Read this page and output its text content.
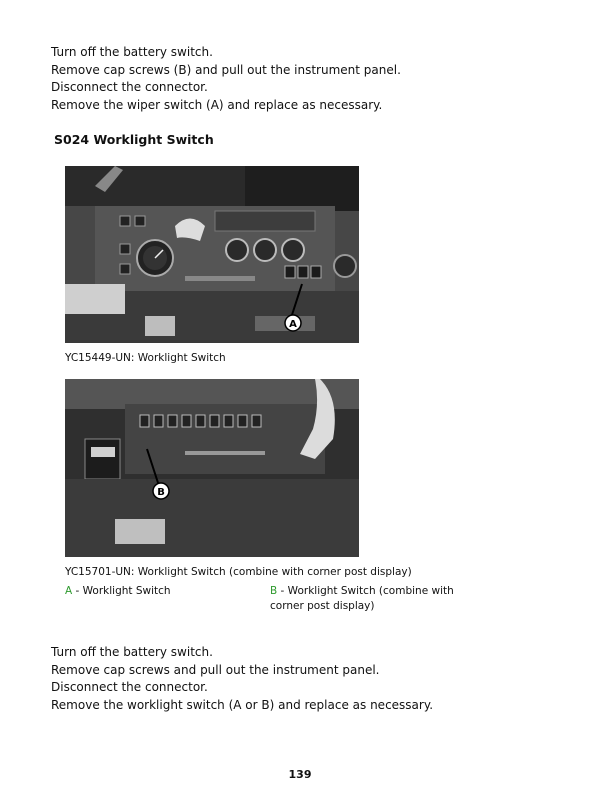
Turn off the battery switch.
Remove cap screws (B) and pull out the instrument panel.
Disconnect the connector.
Remove the wiper switch (A) and replace as necessary.
S024 Worklight Switch
A
YC15449-UN: Worklight Switch
B
YC15701-UN: Worklight Switch (combine with corner post display)
A - Worklight Switch	B - Worklight Switch (combine with corner post display)
Turn off the battery switch.
Remove cap screws and pull out the instrument panel.
Disconnect the connector.
Remove the worklight switch (A or B) and replace as necessary.
139
